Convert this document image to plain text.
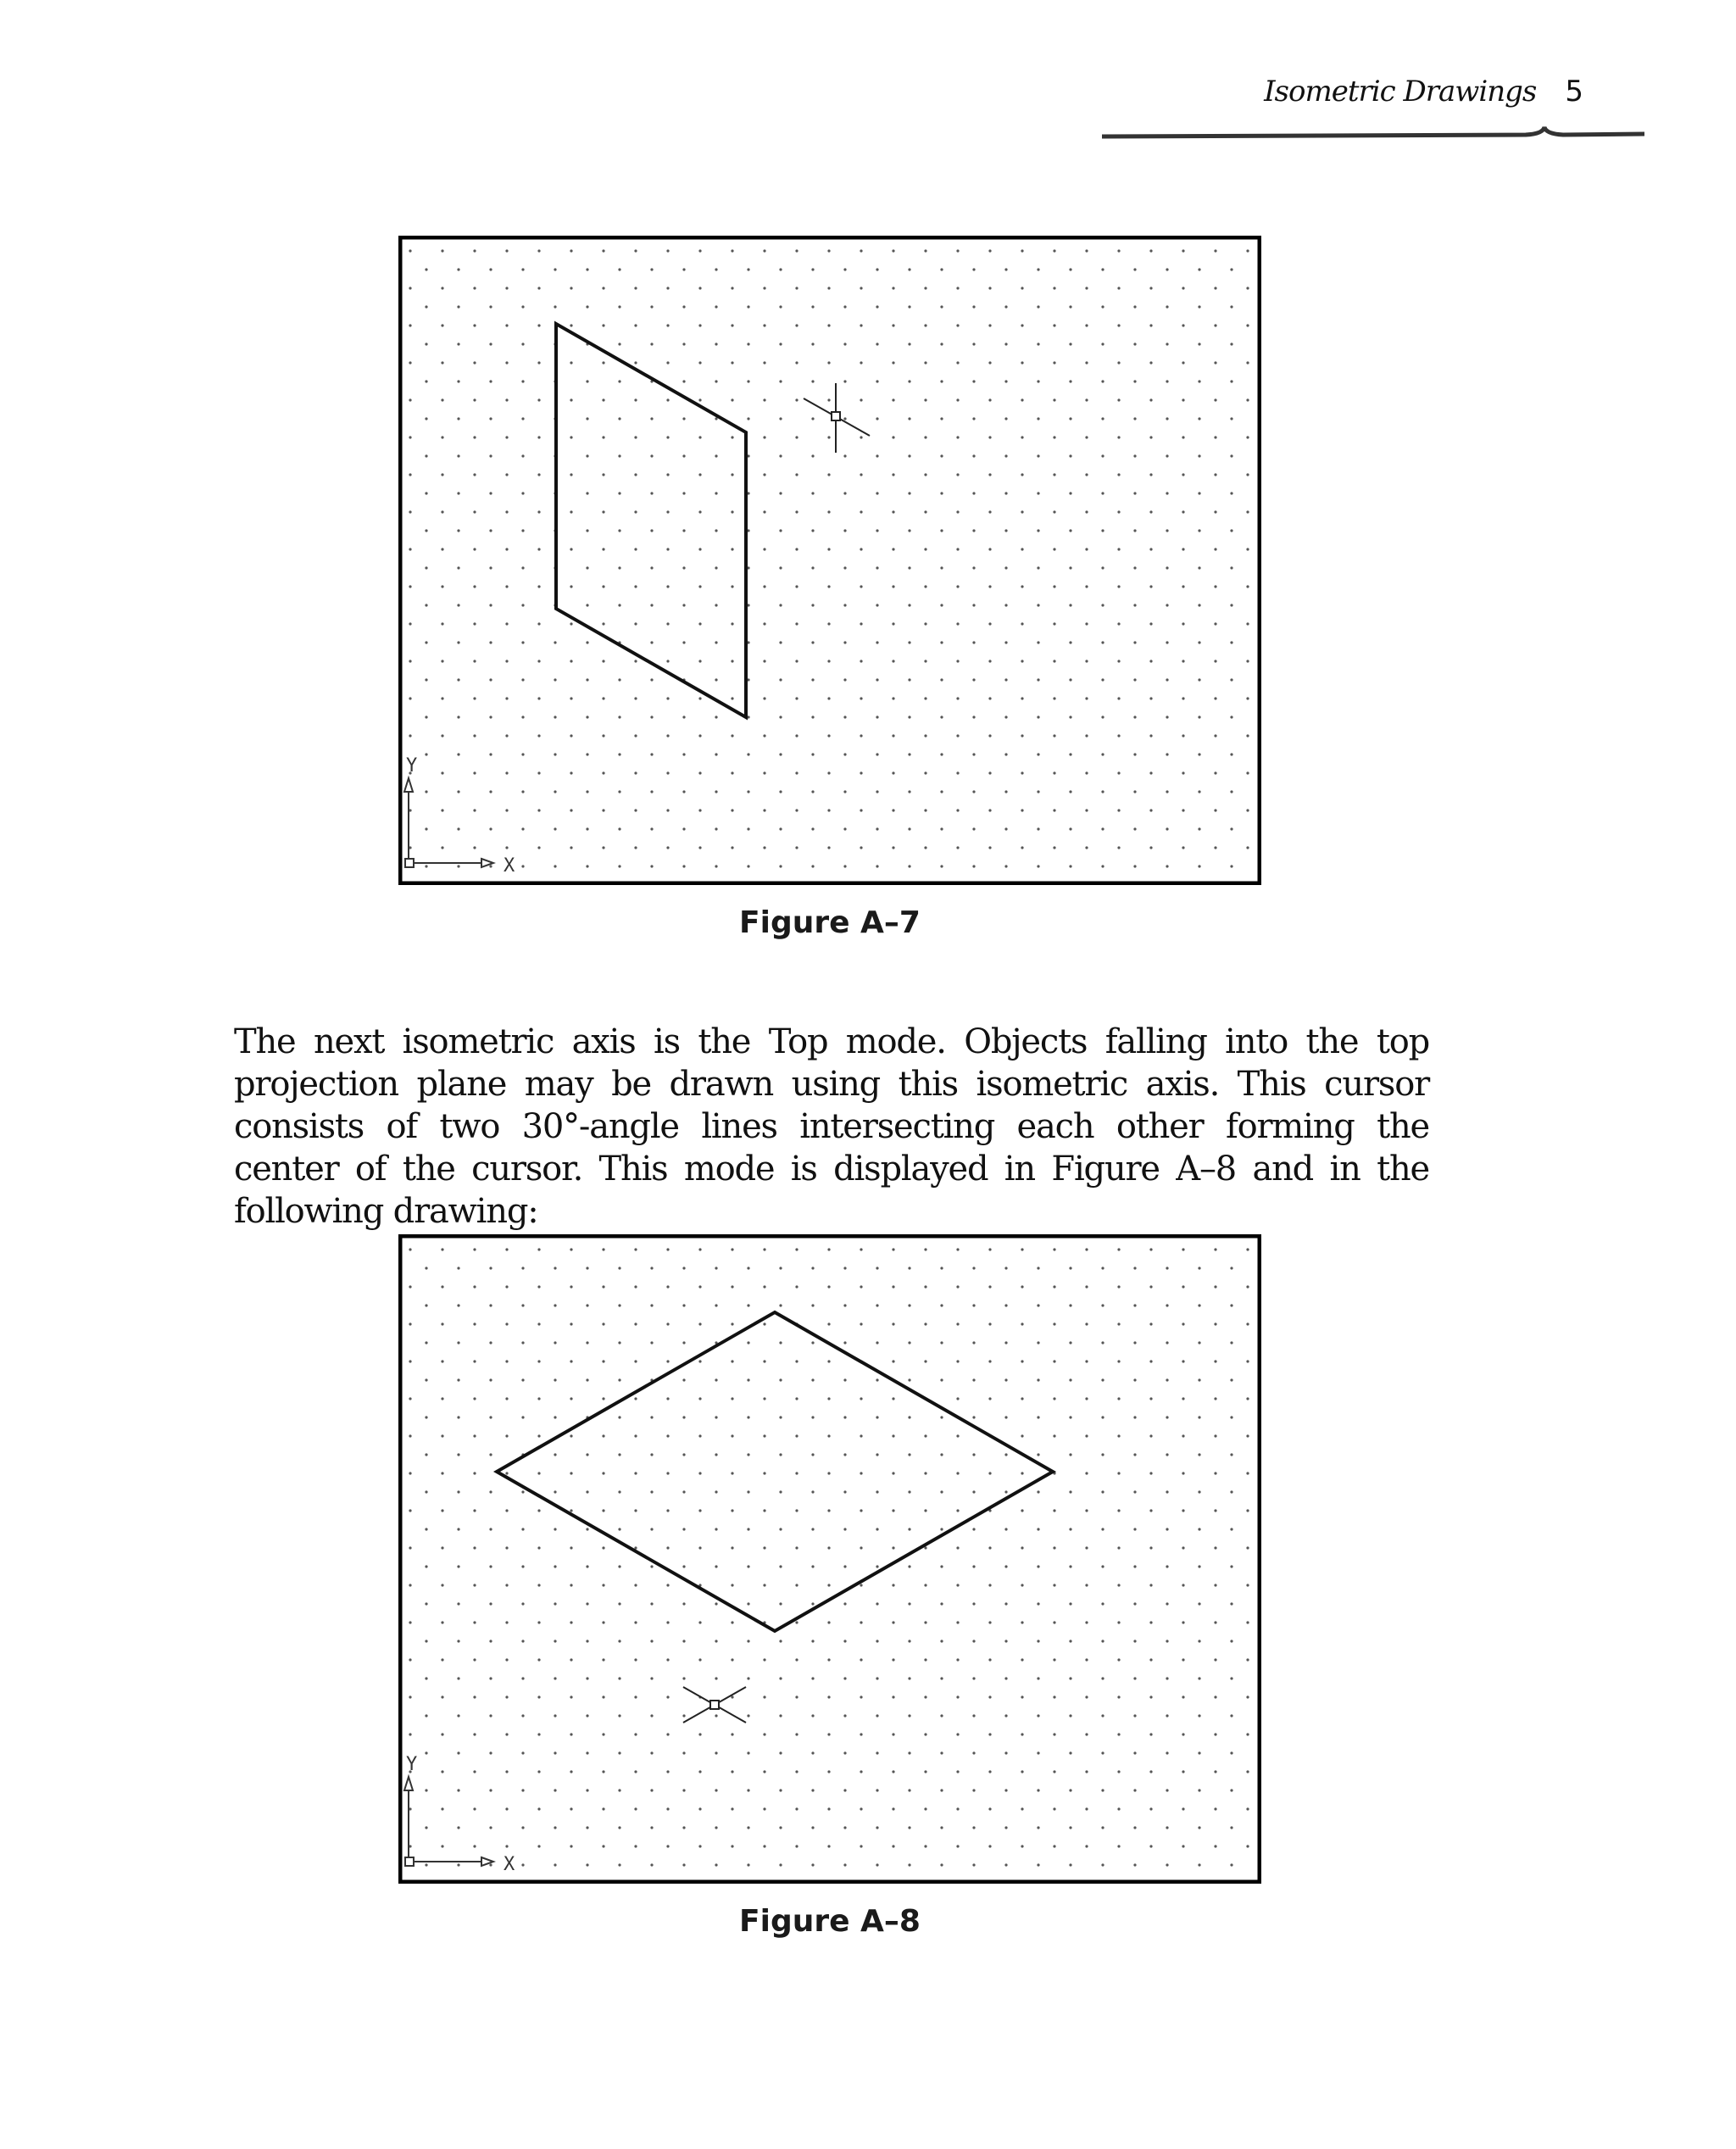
Isometric Drawings 5
Y
X
Figure A–7

The next isometric axis is the Top mode. Objects falling into the top projection plane may be drawn using this isometric axis. This cursor consists of two 30°-angle lines intersecting each other forming the center of the cursor. This mode is displayed in Figure A–8 and in the following drawing:

Y
X
Figure A–8
